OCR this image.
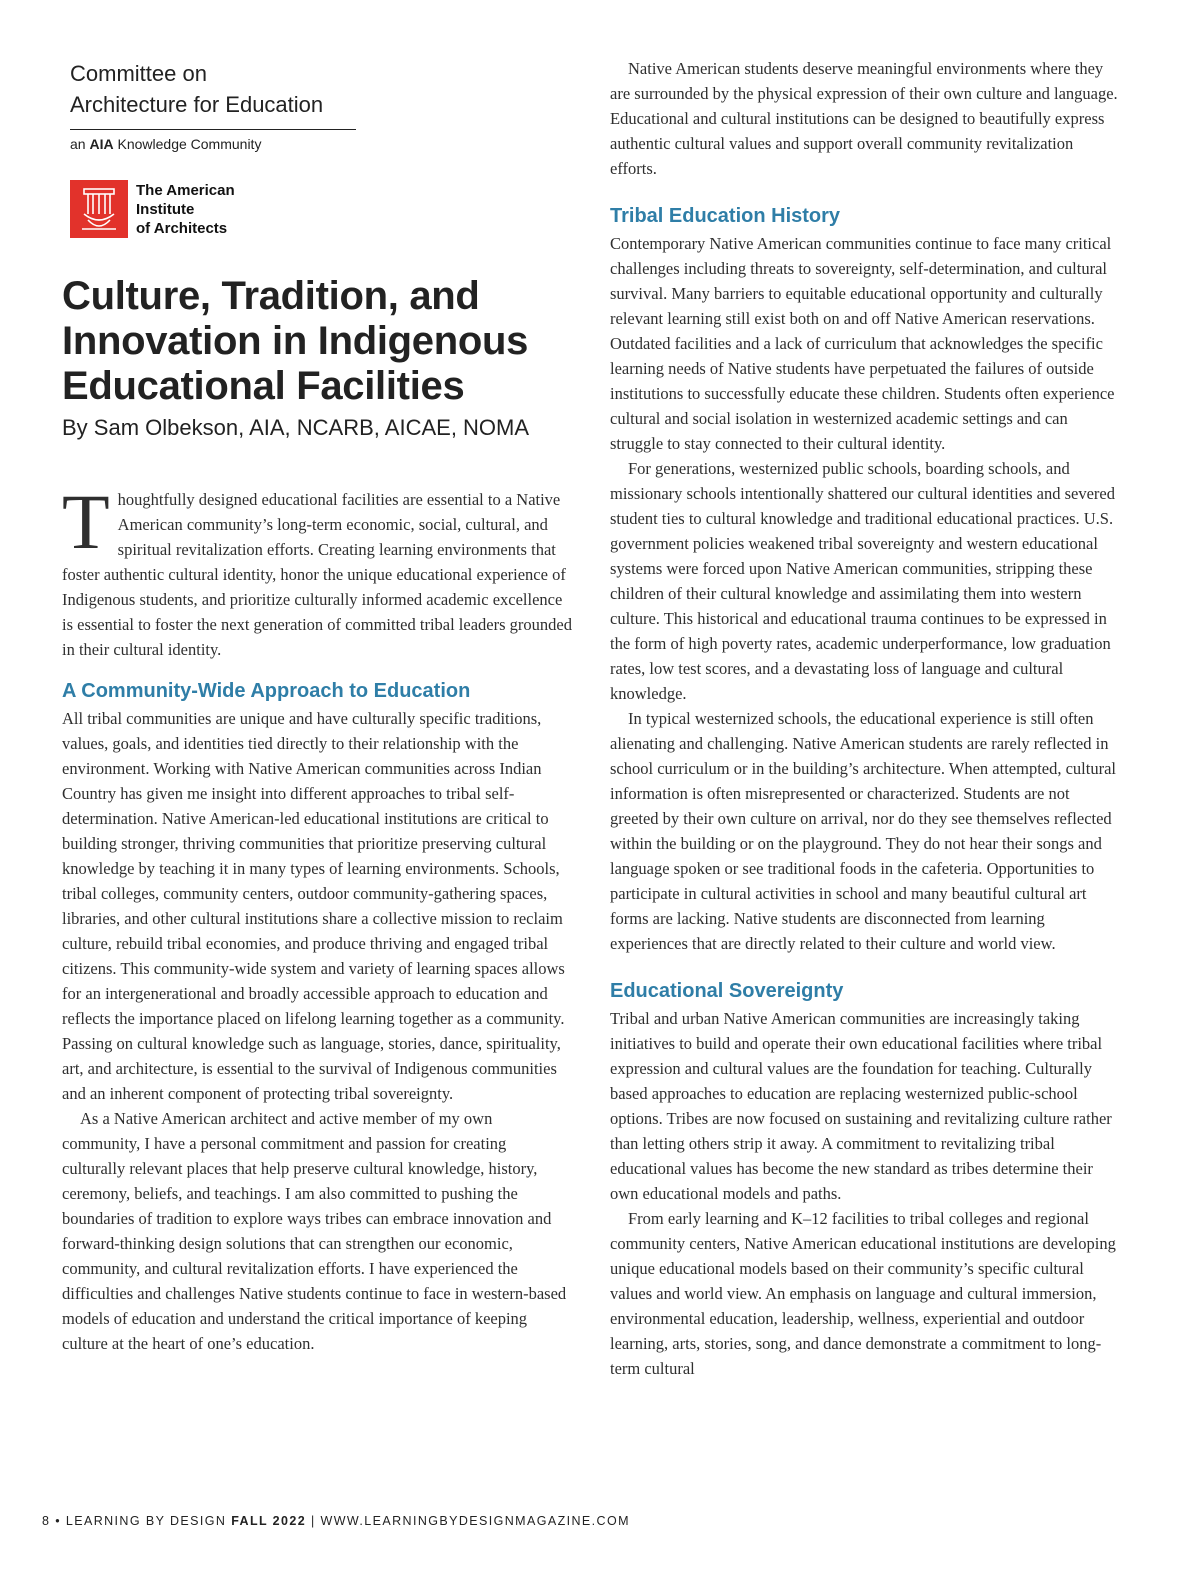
Committee on
Architecture for Education
an AIA Knowledge Community
The American
Institute
of Architects
Culture, Tradition, and
Innovation in Indigenous
Educational Facilities
By Sam Olbekson, AIA, NCARB, AICAE, NOMA
Thoughtfully designed educational facilities are essential to a Native American community’s long-term economic, social, cultural, and spiritual revitalization efforts. Creating learning environments that foster authentic cultural identity, honor the unique educational experience of Indigenous students, and prioritize culturally informed academic excellence is essential to foster the next generation of committed tribal leaders grounded in their cultural identity.
A Community-Wide Approach to Education

All tribal communities are unique and have culturally specific traditions, values, goals, and identities tied directly to their relationship with the environment. Working with Native American communities across Indian Country has given me insight into different approaches to tribal self-determination. Native American-led educational institutions are critical to building stronger, thriving communities that prioritize preserving cultural knowledge by teaching it in many types of learning environments. Schools, tribal colleges, community centers, outdoor community-gathering spaces, libraries, and other cultural institutions share a collective mission to reclaim culture, rebuild tribal economies, and produce thriving and engaged tribal citizens. This community-wide system and variety of learning spaces allows for an intergenerational and broadly accessible approach to education and reflects the importance placed on lifelong learning together as a community. Passing on cultural knowledge such as language, stories, dance, spirituality, art, and architecture, is essential to the survival of Indigenous communities and an inherent component of protecting tribal sovereignty.

As a Native American architect and active member of my own community, I have a personal commitment and passion for creating culturally relevant places that help preserve cultural knowledge, history, ceremony, beliefs, and teachings. I am also committed to pushing the boundaries of tradition to explore ways tribes can embrace innovation and forward-thinking design solutions that can strengthen our economic, community, and cultural revitalization efforts. I have experienced the difficulties and challenges Native students continue to face in western-based models of education and understand the critical importance of keeping culture at the heart of one’s education.

Native American students deserve meaningful environments where they are surrounded by the physical expression of their own culture and language. Educational and cultural institutions can be designed to beautifully express authentic cultural values and support overall community revitalization efforts.

Tribal Education History

Contemporary Native American communities continue to face many critical challenges including threats to sovereignty, self-determination, and cultural survival. Many barriers to equitable educational opportunity and culturally relevant learning still exist both on and off Native American reservations. Outdated facilities and a lack of curriculum that acknowledges the specific learning needs of Native students have perpetuated the failures of outside institutions to successfully educate these children. Students often experience cultural and social isolation in westernized academic settings and can struggle to stay connected to their cultural identity.

For generations, westernized public schools, boarding schools, and missionary schools intentionally shattered our cultural identities and severed student ties to cultural knowledge and traditional educational practices. U.S. government policies weakened tribal sovereignty and western educational systems were forced upon Native American communities, stripping these children of their cultural knowledge and assimilating them into western culture. This historical and educational trauma continues to be expressed in the form of high poverty rates, academic underperformance, low graduation rates, low test scores, and a devastating loss of language and cultural knowledge.

In typical westernized schools, the educational experience is still often alienating and challenging. Native American students are rarely reflected in school curriculum or in the building’s architecture. When attempted, cultural information is often misrepresented or characterized. Students are not greeted by their own culture on arrival, nor do they see themselves reflected within the building or on the playground. They do not hear their songs and language spoken or see traditional foods in the cafeteria. Opportunities to participate in cultural activities in school and many beautiful cultural art forms are lacking. Native students are disconnected from learning experiences that are directly related to their culture and world view.

Educational Sovereignty

Tribal and urban Native American communities are increasingly taking initiatives to build and operate their own educational facilities where tribal expression and cultural values are the foundation for teaching. Culturally based approaches to education are replacing westernized public-school options. Tribes are now focused on sustaining and revitalizing culture rather than letting others strip it away. A commitment to revitalizing tribal educational values has become the new standard as tribes determine their own educational models and paths.

From early learning and K–12 facilities to tribal colleges and regional community centers, Native American educational institutions are developing unique educational models based on their community’s specific cultural values and world view. An emphasis on language and cultural immersion, environmental education, leadership, wellness, experiential and outdoor learning, arts, stories, song, and dance demonstrate a commitment to long-term cultural

8 • LEARNING BY DESIGN FALL 2022 | WWW.LEARNINGBYDESIGNMAGAZINE.COM
